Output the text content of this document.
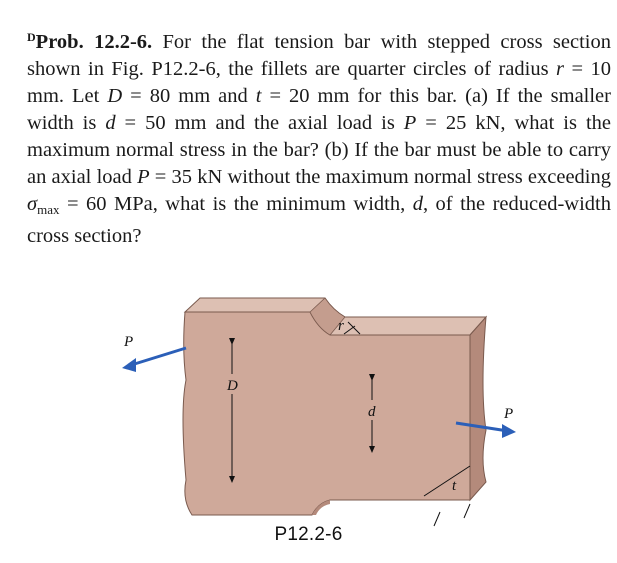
$^D$Prob. 12.2-6. For the flat tension bar with stepped cross section shown in Fig. P12.2-6, the fillets are quarter circles of radius r = 10 mm. Let D = 80 mm and t = 20 mm for this bar. (a) If the smaller width is d = 50 mm and the axial load is P = 25 kN, what is the maximum normal stress in the bar? (b) If the bar must be able to carry an axial load P = 35 kN without the maximum normal stress exceeding $\sigma_{max} = 60$ MPa, what is the minimum width, d, of the reduced-width cross section?
D
d
r
t
P
P
P12.2-6
